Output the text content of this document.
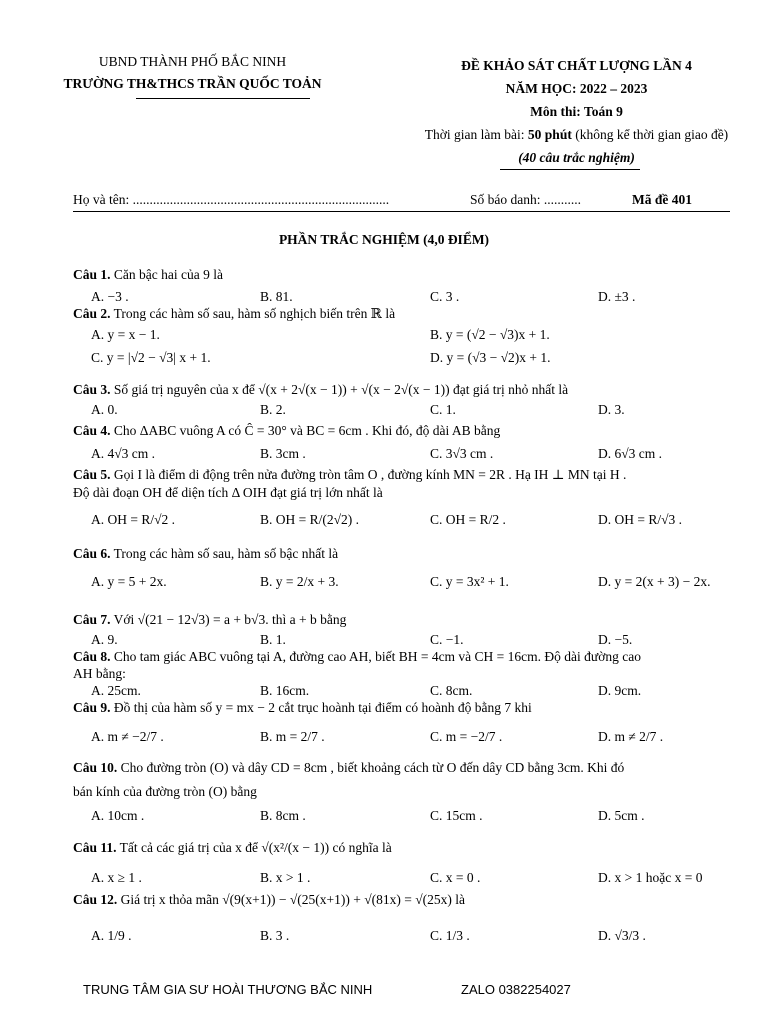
UBND THÀNH PHỐ BẮC NINH
TRƯỜNG TH&THCS TRẦN QUỐC TOẢN
ĐỀ KHẢO SÁT CHẤT LƯỢNG LẦN 4
NĂM HỌC: 2022 – 2023
Môn thi: Toán 9
Thời gian làm bài: 50 phút (không kể thời gian giao đề)
(40 câu trắc nghiệm)
Họ và tên: ............................................................................	Số báo danh: ...........	Mã đề 401
PHẦN TRẮC NGHIỆM (4,0 ĐIỂM)
Câu 1. Căn bậc hai của 9 là
A. −3 .	B. 81.	C. 3 .	D. ±3 .
Câu 2. Trong các hàm số sau, hàm số nghịch biến trên ℝ là
A. y = x − 1.	B. y = (√2 − √3)x + 1.
C. y = |√2 − √3| x + 1.	D. y = (√3 − √2)x + 1.
Câu 3. Số giá trị nguyên của x để √(x + 2√(x − 1)) + √(x − 2√(x − 1)) đạt giá trị nhỏ nhất là
A. 0.	B. 2.	C. 1.	D. 3.
Câu 4. Cho ΔABC vuông A có Ĉ = 30° và BC = 6cm . Khi đó, độ dài AB bằng
A. 4√3 cm .	B. 3cm .	C. 3√3 cm .	D. 6√3 cm .
Câu 5. Gọi I là điểm di động trên nửa đường tròn tâm O , đường kính MN = 2R . Hạ IH ⊥ MN tại H .
Độ dài đoạn OH để diện tích Δ OIH đạt giá trị lớn nhất là
A. OH = R/√2 .	B. OH = R/(2√2) .	C. OH = R/2 .	D. OH = R/√3 .
Câu 6. Trong các hàm số sau, hàm số bậc nhất là
A. y = 5 + 2x.	B. y = 2/x + 3.	C. y = 3x² + 1.	D. y = 2(x + 3) − 2x.
Câu 7. Với √(21 − 12√3) = a + b√3. thì a + b bằng
A. 9.	B. 1.	C. −1.	D. −5.
Câu 8. Cho tam giác ABC vuông tại A, đường cao AH, biết BH = 4cm và CH = 16cm. Độ dài đường cao
AH bằng:
A. 25cm.	B. 16cm.	C. 8cm.	D. 9cm.
Câu 9. Đồ thị của hàm số y = mx − 2 cắt trục hoành tại điểm có hoành độ bằng 7 khi
A. m ≠ −2/7 .	B. m = 2/7 .	C. m = −2/7 .	D. m ≠ 2/7 .
Câu 10. Cho đường tròn (O) và dây CD = 8cm , biết khoảng cách từ O đến dây CD bằng 3cm. Khi đó
bán kính của đường tròn (O) bằng
A. 10cm .	B. 8cm .	C. 15cm .	D. 5cm .
Câu 11. Tất cả các giá trị của x để √(x²/(x − 1)) có nghĩa là
A. x ≥ 1 .	B. x > 1 .	C. x = 0 .	D. x > 1 hoặc x = 0
Câu 12. Giá trị x thỏa mãn √(9(x+1)) − √(25(x+1)) + √(81x) = √(25x) là
A. 1/9 .	B. 3 .	C. 1/3 .	D. √3/3 .
TRUNG TÂM GIA SƯ HOÀI THƯƠNG BẮC NINH	ZALO 0382254027
